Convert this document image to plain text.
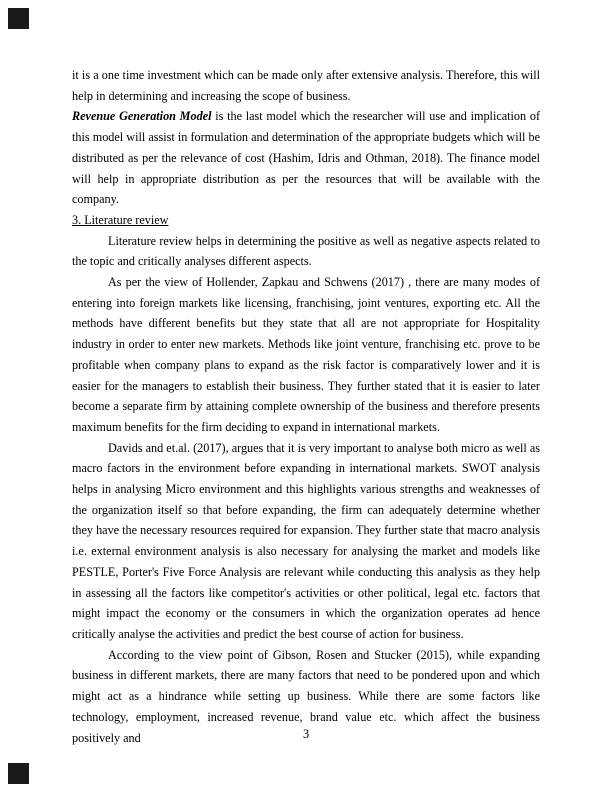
it is a one time investment which can be made only after extensive analysis. Therefore, this will help in determining and increasing the scope of business.

Revenue Generation Model is the last model which the researcher will use and implication of this model will assist in formulation and determination of the appropriate budgets which will be distributed as per the relevance of cost (Hashim, Idris and Othman, 2018). The finance model will help in appropriate distribution as per the resources that will be available with the company.

3. Literature review

Literature review helps in determining the positive as well as negative aspects related to the topic and critically analyses different aspects.

As per the view of Hollender, Zapkau and Schwens (2017) , there are many modes of entering into foreign markets like licensing, franchising, joint ventures, exporting etc. All the methods have different benefits but they state that all are not appropriate for Hospitality industry in order to enter new markets. Methods like joint venture, franchising etc. prove to be profitable when company plans to expand as the risk factor is comparatively lower and it is easier for the managers to establish their business. They further stated that it is easier to later become a separate firm by attaining complete ownership of the business and therefore presents maximum benefits for the firm deciding to expand in international markets.

Davids and et.al. (2017), argues that it is very important to analyse both micro as well as macro factors in the environment before expanding in international markets. SWOT analysis helps in analysing Micro environment and this highlights various strengths and weaknesses of the organization itself so that before expanding, the firm can adequately determine whether they have the necessary resources required for expansion. They further state that macro analysis i.e. external environment analysis is also necessary for analysing the market and models like PESTLE, Porter's Five Force Analysis are relevant while conducting this analysis as they help in assessing all the factors like competitor's activities or other political, legal etc. factors that might impact the economy or the consumers in which the organization operates ad hence critically analyse the activities and predict the best course of action for business.

According to the view point of Gibson, Rosen and Stucker (2015), while expanding business in different markets, there are many factors that need to be pondered upon and which might act as a hindrance while setting up business. While there are some factors like technology, employment, increased revenue, brand value etc. which affect the business positively and	3
